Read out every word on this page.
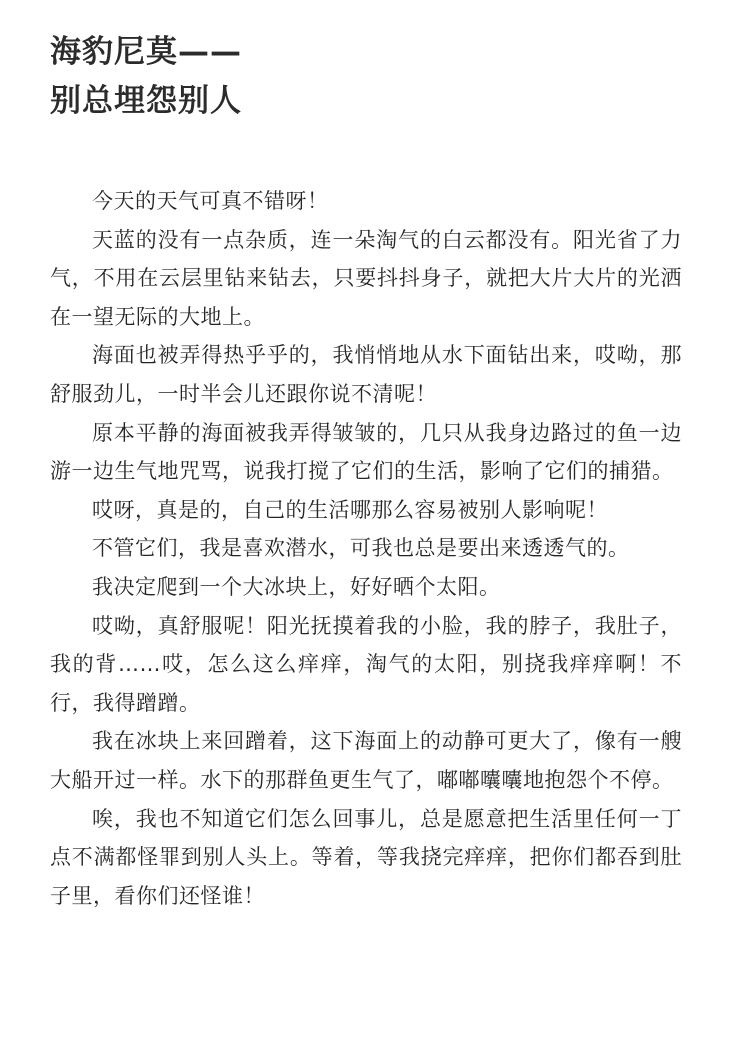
海豹尼莫——
别总埋怨别人

今天的天气可真不错呀！

天蓝的没有一点杂质，连一朵淘气的白云都没有。阳光省了力气，不用在云层里钻来钻去，只要抖抖身子，就把大片大片的光洒在一望无际的大地上。

海面也被弄得热乎乎的，我悄悄地从水下面钻出来，哎呦，那舒服劲儿，一时半会儿还跟你说不清呢！

原本平静的海面被我弄得皱皱的，几只从我身边路过的鱼一边游一边生气地咒骂，说我打搅了它们的生活，影响了它们的捕猎。

哎呀，真是的，自己的生活哪那么容易被别人影响呢！

不管它们，我是喜欢潜水，可我也总是要出来透透气的。

我决定爬到一个大冰块上，好好晒个太阳。

哎呦，真舒服呢！阳光抚摸着我的小脸，我的脖子，我肚子，我的背……哎，怎么这么痒痒，淘气的太阳，别挠我痒痒啊！不行，我得蹭蹭。

我在冰块上来回蹭着，这下海面上的动静可更大了，像有一艘大船开过一样。水下的那群鱼更生气了，嘟嘟囔囔地抱怨个不停。

唉，我也不知道它们怎么回事儿，总是愿意把生活里任何一丁点不满都怪罪到别人头上。等着，等我挠完痒痒，把你们都吞到肚子里，看你们还怪谁！
